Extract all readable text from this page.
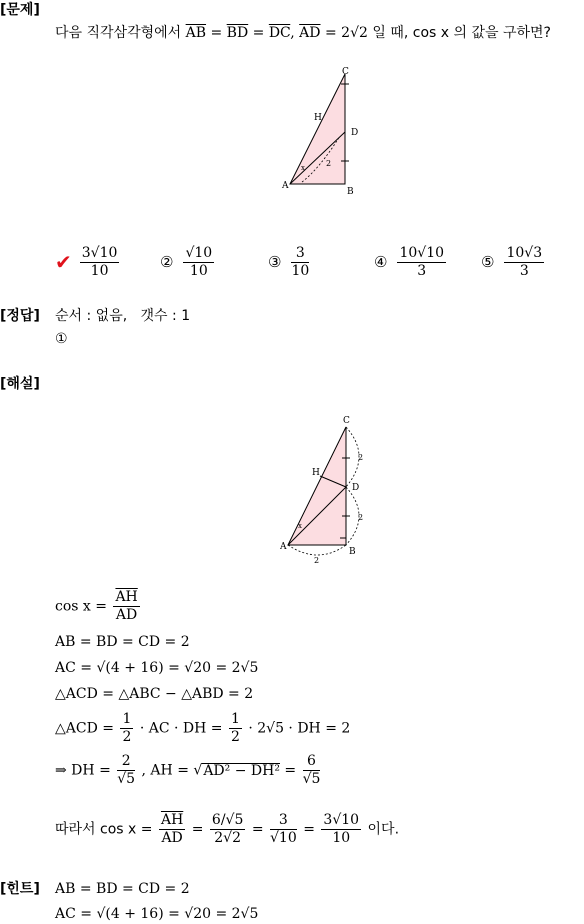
[문제]
다음 직각삼각형에서 $\overline{AB} = \overline{BD} = \overline{DC}$, $\overline{AD} = 2√2$ 일 때, cos x 의 값을 구하면?
C
H
D
2
x
A
B
✔ $\frac{3√10}{10}$	② $\frac{√10}{10}$	③ $\frac{3}{10}$	④ $\frac{10√10}{3}$ ⑤ $\frac{10√3}{3}$
[정답] 순서 : 없음, 갯수 : 1
①
[해설]
C
2
H
D
2
x
A	B
2
$\cos x = \frac{\overline{AH}}{AD}$
AB = BD = CD = 2
AC = √(4 + 16) = √20 = 2√5
△ACD = △ABC − △ABD = 2
△ACD = $\frac{1}{2}$ · AC · DH = $\frac{1}{2} \cdot 2√5$ · DH = 2
⇒ DH = $\frac{2}{√5}$ , AH = $√AD^2 - DH^2 = \frac{6}{√5}$
따라서 $\cos x = \frac{\overline{AH}}{AD} = \frac{6/√5}{2√2} = \frac{3}{√10} = \frac{3√10}{10}$ 이다.
[힌트] AB = BD = CD = 2
AC = √(4 + 16) = √20 = 2√5
